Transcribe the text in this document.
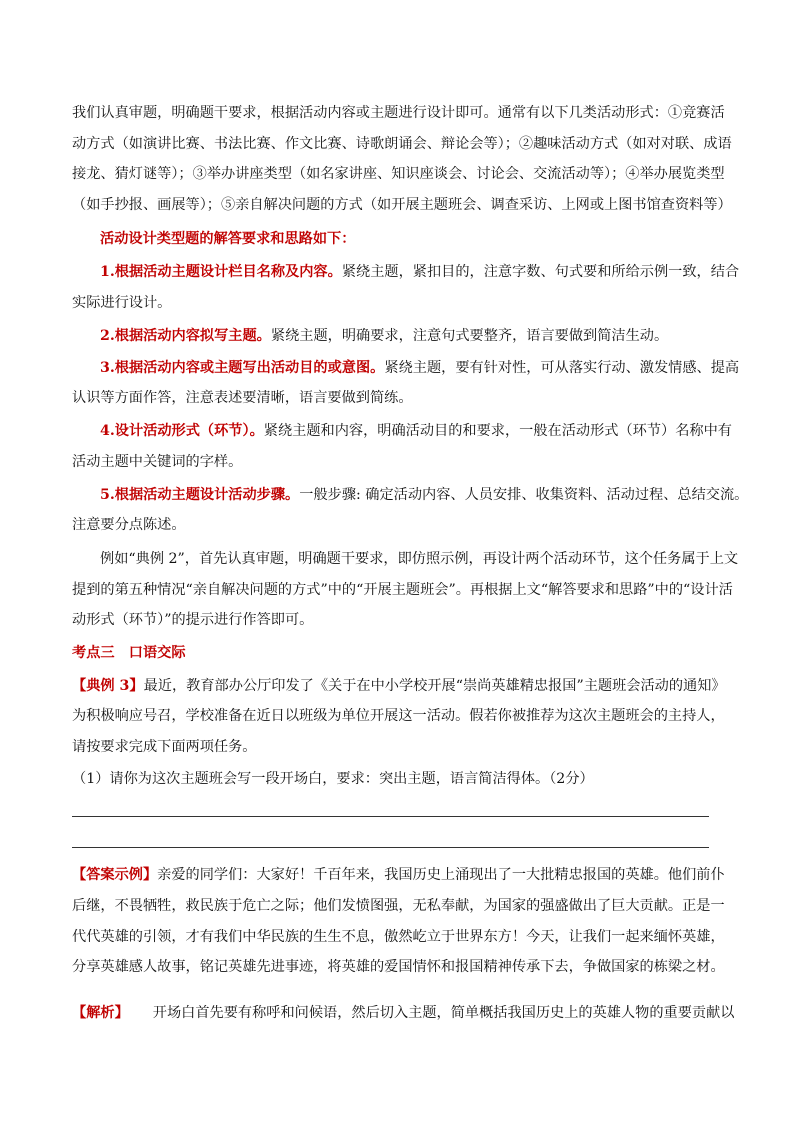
我们认真审题，明确题干要求，根据活动内容或主题进行设计即可。通常有以下几类活动形式：①竞赛活
动方式（如演讲比赛、书法比赛、作文比赛、诗歌朗诵会、辩论会等）；②趣味活动方式（如对对联、成语
接龙、猜灯谜等）；③举办讲座类型（如名家讲座、知识座谈会、讨论会、交流活动等）；④举办展览类型
（如手抄报、画展等）；⑤亲自解决问题的方式（如开展主题班会、调查采访、上网或上图书馆查资料等）
活动设计类型题的解答要求和思路如下：
1.根据活动主题设计栏目名称及内容。紧绕主题，紧扣目的，注意字数、句式要和所给示例一致，结合
实际进行设计。
2.根据活动内容拟写主题。紧绕主题，明确要求，注意句式要整齐，语言要做到简洁生动。
3.根据活动内容或主题写出活动目的或意图。紧绕主题，要有针对性，可从落实行动、激发情感、提高
认识等方面作答，注意表述要清晰，语言要做到简练。
4.设计活动形式（环节）。紧绕主题和内容，明确活动目的和要求，一般在活动形式（环节）名称中有
活动主题中关键词的字样。
5.根据活动主题设计活动步骤。一般步骤: 确定活动内容、人员安排、收集资料、活动过程、总结交流。
注意要分点陈述。
例如“典例 2”，首先认真审题，明确题干要求，即仿照示例，再设计两个活动环节，这个任务属于上文
提到的第五种情况“亲自解决问题的方式”中的“开展主题班会”。再根据上文“解答要求和思路”中的“设计活
动形式（环节）”的提示进行作答即可。
考点三　口语交际
【典例 3】最近，教育部办公厅印发了《关于在中小学校开展“崇尚英雄精忠报国”主题班会活动的通知》
为积极响应号召，学校准备在近日以班级为单位开展这一活动。假若你被推荐为这次主题班会的主持人，
请按要求完成下面两项任务。
（1）请你为这次主题班会写一段开场白，要求：突出主题，语言简洁得体。（2分）
【答案示例】亲爱的同学们：大家好！千百年来，我国历史上涌现出了一大批精忠报国的英雄。他们前仆
后继，不畏牺牲，救民族于危亡之际；他们发愤图强，无私奉献，为国家的强盛做出了巨大贡献。正是一
代代英雄的引领，才有我们中华民族的生生不息，傲然屹立于世界东方！今天，让我们一起来缅怀英雄，
分享英雄感人故事，铭记英雄先进事迹，将英雄的爱国情怀和报国精神传承下去，争做国家的栋梁之材。
【解析】 开场白首先要有称呼和问候语，然后切入主题，简单概括我国历史上的英雄人物的重要贡献以
